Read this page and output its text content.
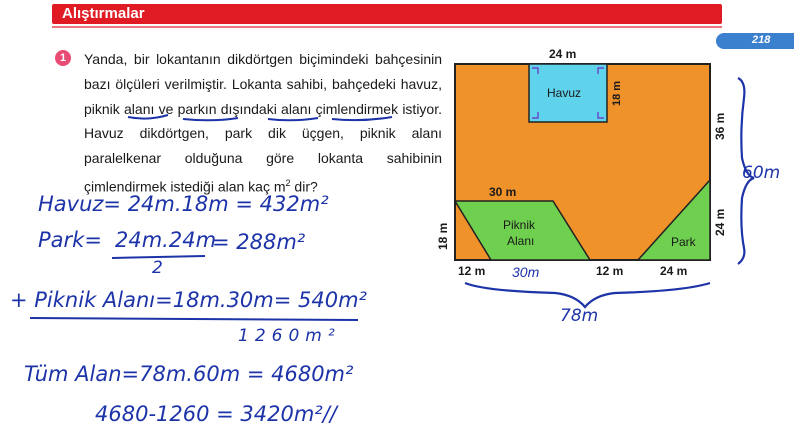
Alıştırmalar
218
1	Yanda, bir lokantanın dikdörtgen biçimindeki bahçesinin bazı ölçüleri verilmiştir. Lokanta sahibi, bahçedeki havuz, piknik alanı ve parkın dışındaki alanı çimlendirmek istiyor. Havuz dikdörtgen, park dik üçgen, piknik alanı paralelkenar olduğuna göre lokanta sahibinin çimlendirmek istediği alan kaç $m^2$ dir?
24 m
Havuz	18 m
36 m
24 m
30 m
Piknik
Alanı
18 m	Park
12 m 30m	12 m	24 m
60m
78m
Havuz= 24m.18m = 432m²
Park= 24m.24m
2
= 288m²
+ Piknik Alanı=18m.30m= 540m²
1260m²
Tüm Alan=78m.60m = 4680m²
4680-1260 = 3420m²//
